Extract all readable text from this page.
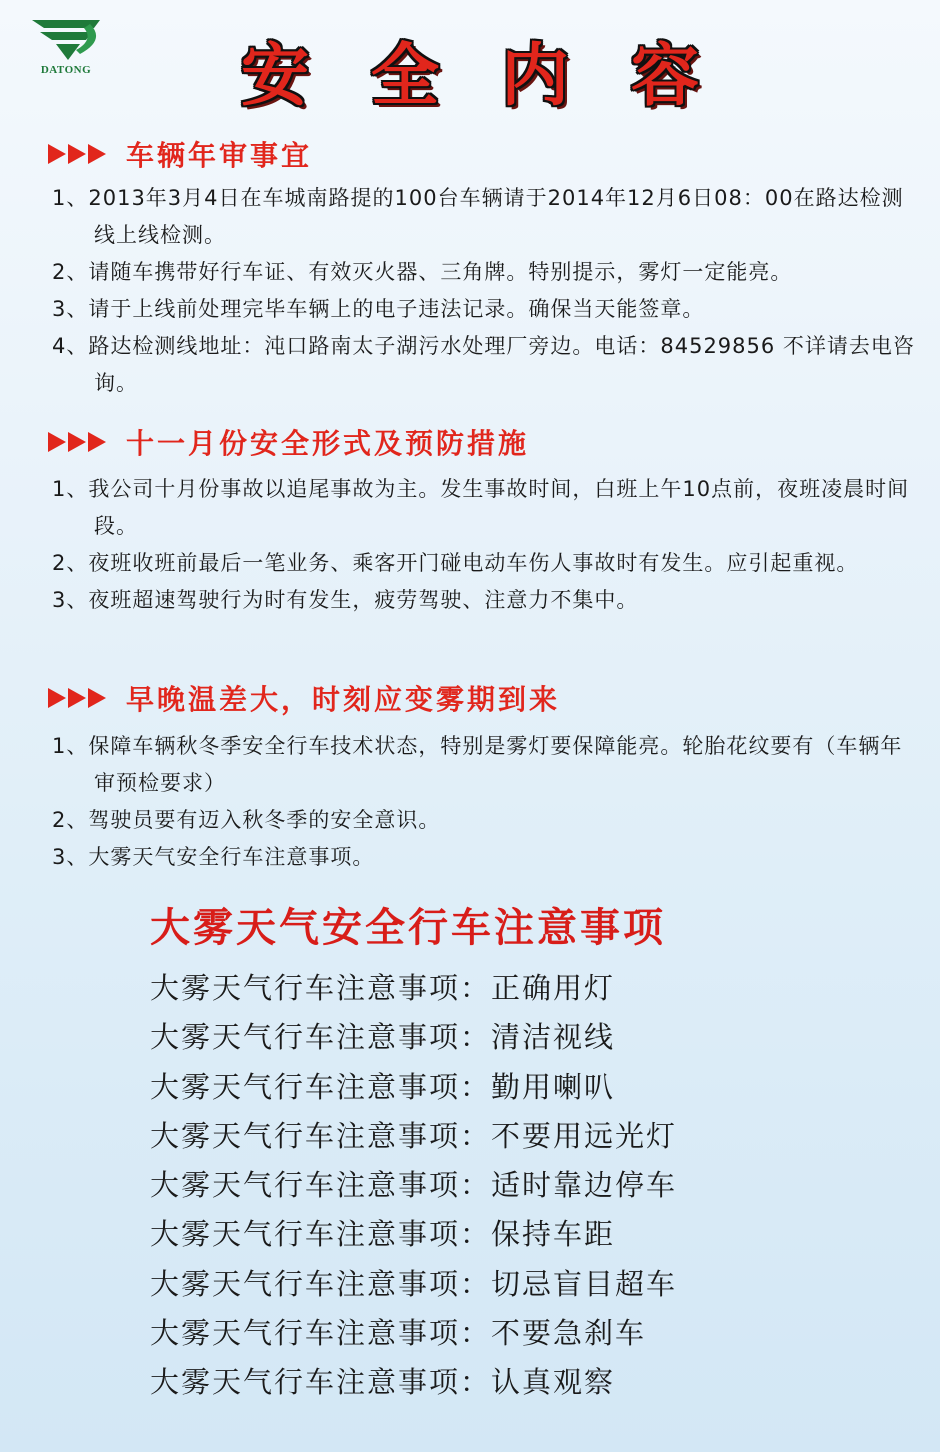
DATONG	安全内容
车辆年审事宜
1、2013年3月4日在车城南路提的100台车辆请于2014年12月6日08：00在路达检测线上线检测。
2、请随车携带好行车证、有效灭火器、三角牌。特别提示，雾灯一定能亮。
3、请于上线前处理完毕车辆上的电子违法记录。确保当天能签章。
4、路达检测线地址：沌口路南太子湖污水处理厂旁边。电话：84529856 不详请去电咨询。
十一月份安全形式及预防措施
1、我公司十月份事故以追尾事故为主。发生事故时间，白班上午10点前，夜班凌晨时间段。
2、夜班收班前最后一笔业务、乘客开门碰电动车伤人事故时有发生。应引起重视。
3、夜班超速驾驶行为时有发生，疲劳驾驶、注意力不集中。
早晚温差大，时刻应变雾期到来
1、保障车辆秋冬季安全行车技术状态，特别是雾灯要保障能亮。轮胎花纹要有（车辆年审预检要求）
2、驾驶员要有迈入秋冬季的安全意识。
3、大雾天气安全行车注意事项。
大雾天气安全行车注意事项
大雾天气行车注意事项：正确用灯
大雾天气行车注意事项：清洁视线
大雾天气行车注意事项：勤用喇叭
大雾天气行车注意事项：不要用远光灯
大雾天气行车注意事项：适时靠边停车
大雾天气行车注意事项：保持车距
大雾天气行车注意事项：切忌盲目超车
大雾天气行车注意事项：不要急刹车
大雾天气行车注意事项：认真观察
